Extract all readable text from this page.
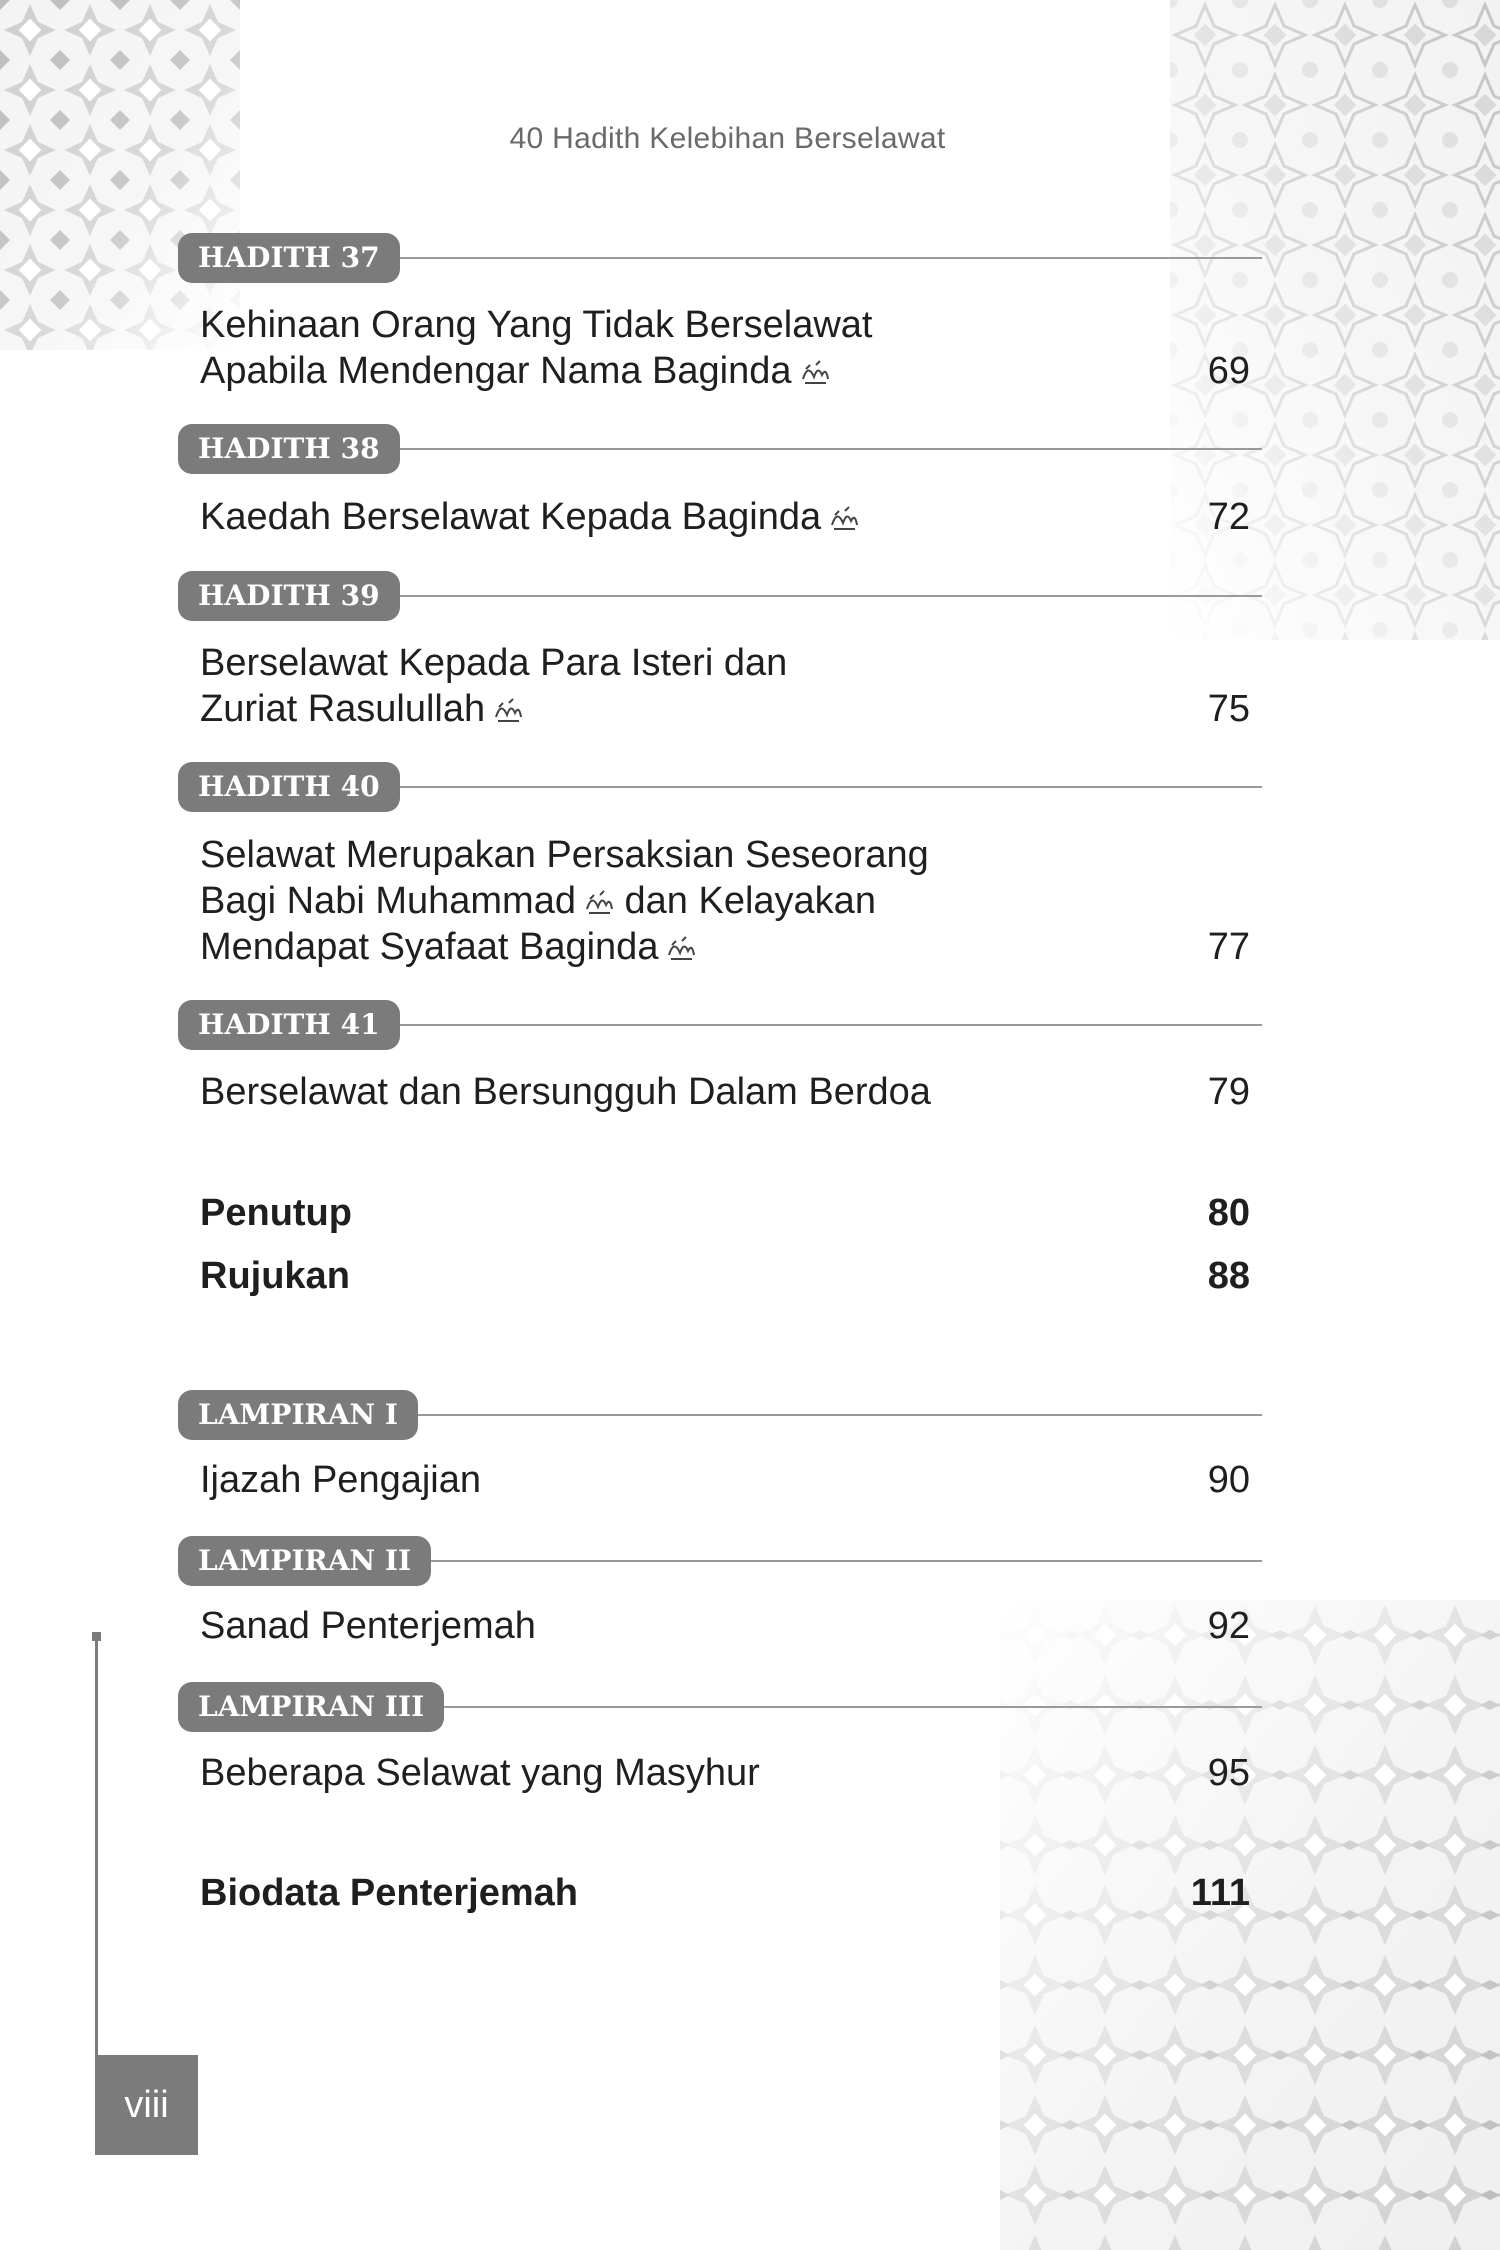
40 Hadith Kelebihan Berselawat
HADITH 37
Kehinaan Orang Yang Tidak Berselawat
Apabila Mendengar Nama Baginda	69
HADITH 38
Kaedah Berselawat Kepada Baginda	72
HADITH 39
Berselawat Kepada Para Isteri dan
Zuriat Rasulullah	75
HADITH 40
Selawat Merupakan Persaksian Seseorang
Bagi Nabi Muhammad dan Kelayakan
Mendapat Syafaat Baginda	77
HADITH 41
Berselawat dan Bersungguh Dalam Berdoa	79
Penutup	80
Rujukan	88
LAMPIRAN I
Ijazah Pengajian	90
LAMPIRAN II
Sanad Penterjemah	92
LAMPIRAN III
Beberapa Selawat yang Masyhur	95
Biodata Penterjemah	111
viii
